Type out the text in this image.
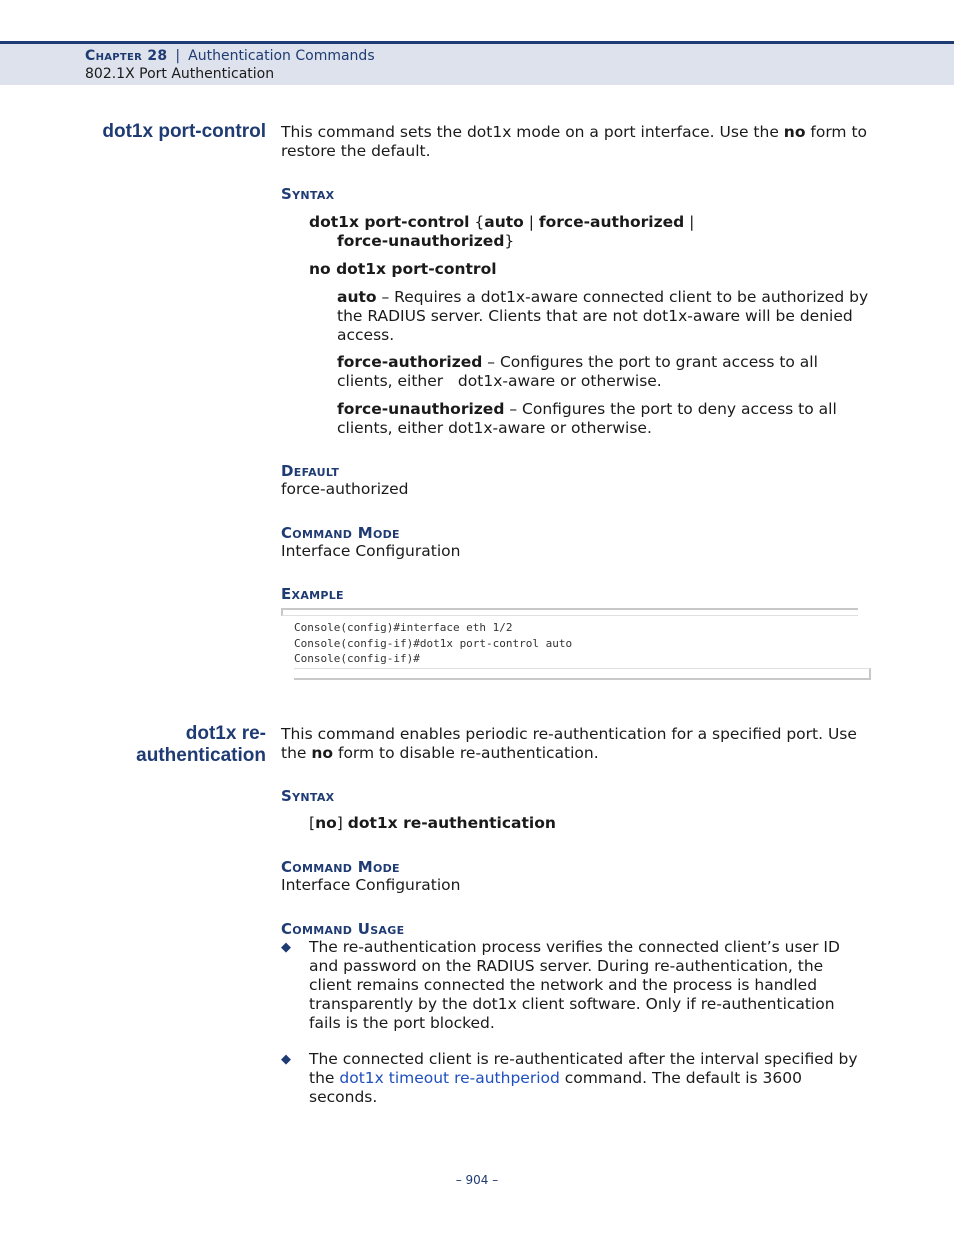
Chapter 28 | Authentication Commands
802.1X Port Authentication
dot1x port-control This command sets the dot1x mode on a port interface. Use the no form to restore the default.
Syntax
dot1x port-control {auto | force-authorized |
force-unauthorized}
no dot1x port-control
auto – Requires a dot1x-aware connected client to be authorized by the RADIUS server. Clients that are not dot1x-aware will be denied access.
force-authorized – Configures the port to grant access to all clients, either   dot1x-aware or otherwise.
force-unauthorized – Configures the port to deny access to all clients, either dot1x-aware or otherwise.
Default
force-authorized
Command Mode
Interface Configuration
Example
Console(config)#interface eth 1/2
Console(config-if)#dot1x port-control auto
Console(config-if)#
dot1x re-
authentication
This command enables periodic re-authentication for a specified port. Use the no form to disable re-authentication.
Syntax
[no] dot1x re-authentication
Command Mode
Interface Configuration
Command Usage
◆ The re-authentication process verifies the connected client’s user ID and password on the RADIUS server. During re-authentication, the client remains connected the network and the process is handled transparently by the dot1x client software. Only if re-authentication fails is the port blocked.
◆ The connected client is re-authenticated after the interval specified by the dot1x timeout re-authperiod command. The default is 3600 seconds.
– 904 –
